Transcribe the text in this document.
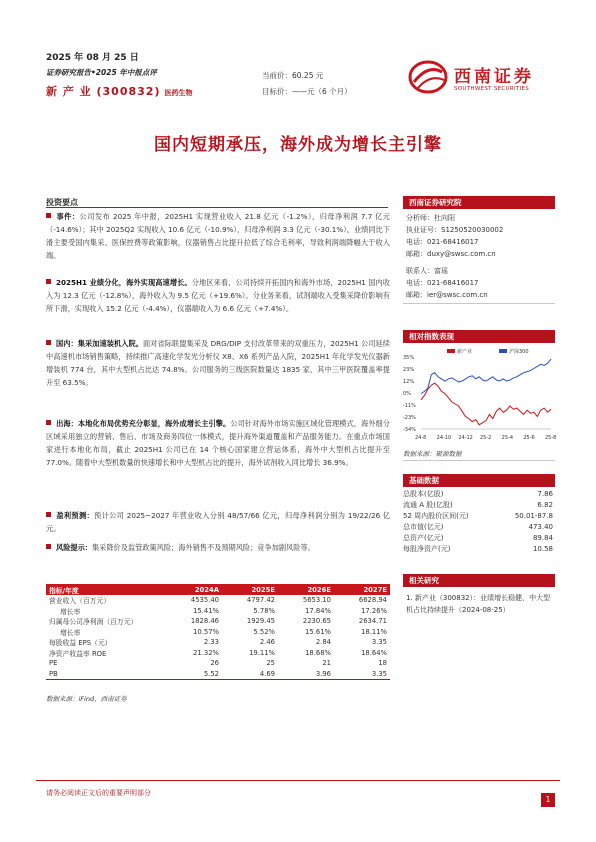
2025 年 08 月 25 日
证券研究报告•2025 年中报点评
新 产 业 (300832) 医药生物
当前价：60.25 元
目标价：——元（6 个月）
西南证券
SOUTHWEST SECURITIES
国内短期承压，海外成为增长主引擎
投资要点
事件：公司发布 2025 年中报，2025H1 实现营业收入 21.8 亿元（-1.2%），归母净利润 7.7 亿元（-14.6%）；其中 2025Q2 实现收入 10.6 亿元（-10.9%），归母净利润 3.3 亿元（-30.1%），业绩同比下滑主要受国内集采、医保控费等政策影响，仪器销售占比提升拉低了综合毛利率，导致利润端降幅大于收入端。
2025H1 业绩分化，海外实现高速增长。分地区来看，公司持续开拓国内和海外市场，2025H1 国内收入为 12.3 亿元（-12.8%），海外收入为 9.5 亿元（+19.6%）。分业务来看，试剂端收入受集采降价影响有所下滑，实现收入 15.2 亿元（-4.4%），仪器端收入为 6.6 亿元（+7.4%）。
国内：集采加速装机入院。面对省际联盟集采及 DRG/DIP 支付改革带来的双重压力，2025H1 公司延续中高速机市场销售策略，持续推广高速化学发光分析仪 X8、X6 系列产品入院，2025H1 年化学发光仪器新增装机 774 台，其中大型机占比达 74.8%。公司服务的三级医院数量达 1835 家，其中三甲医院覆盖率提升至 63.5%。
出海：本地化布局优势充分彰显，海外成增长主引擎。公司针对海外市场实施区域化管理模式，海外细分区域采用独立的营销、售后、市场及商务四位一体模式，提升海外渠道覆盖和产品服务能力。在重点市场国家进行本地化布局，截止 2025H1 公司已在 14 个核心国家建立营运体系，海外中大型机占比提升至 77.0%。随着中大型机数量的快速增长和中大型机占比的提升，海外试剂收入同比增长 36.9%。
盈利预测：预计公司 2025~2027 年营业收入分别 48/57/66 亿元，归母净利润分别为 19/22/26 亿元。
风险提示：集采降价及监管政策风险；海外销售不及预期风险；竞争加剧风险等。
指标/年度	2024A	2025E	2026E	2027E
营业收入（百万元）	4535.40	4797.42	5653.10	6628.94
增长率	15.41%	5.78%	17.84%	17.26%
归属母公司净利润（百万元）	1828.46	1929.45	2230.65	2634.71
增长率	10.57%	5.52%	15.61%	18.11%
每股收益 EPS（元）	2.33	2.46	2.84	3.35
净资产收益率 ROE	21.32%	19.11%	18.68%	18.64%
PE	26	25	21	18
PB	5.52	4.69	3.96	3.35
数据来源：iFind，西南证券
西南证券研究院
分析师：杜向阳
执业证号：S1250520030002
电话：021-68416017
邮箱：duxy@swsc.com.cn
联系人：富瑶
电话：021-68416017
邮箱：ier@swsc.com.cn
相对指数表现
35%
23%
12%
0%
-11%
-23%
-34%
24-8 24-10 24-12 25-2 25-4 25-6 25-8
新产业	沪深300
数据来源：聚源数据
基础数据
总股本(亿股)	7.86
流通 A 股(亿股)	6.82
52 周内股价区间(元)	50.01-87.8
总市值(亿元)	473.40
总资产(亿元)	89.84
每股净资产(元)	10.58
相关研究
1. 新产业（300832）：业绩增长稳健，中大型机占比持续提升（2024-08-25）
请务必阅读正文后的重要声明部分
1
